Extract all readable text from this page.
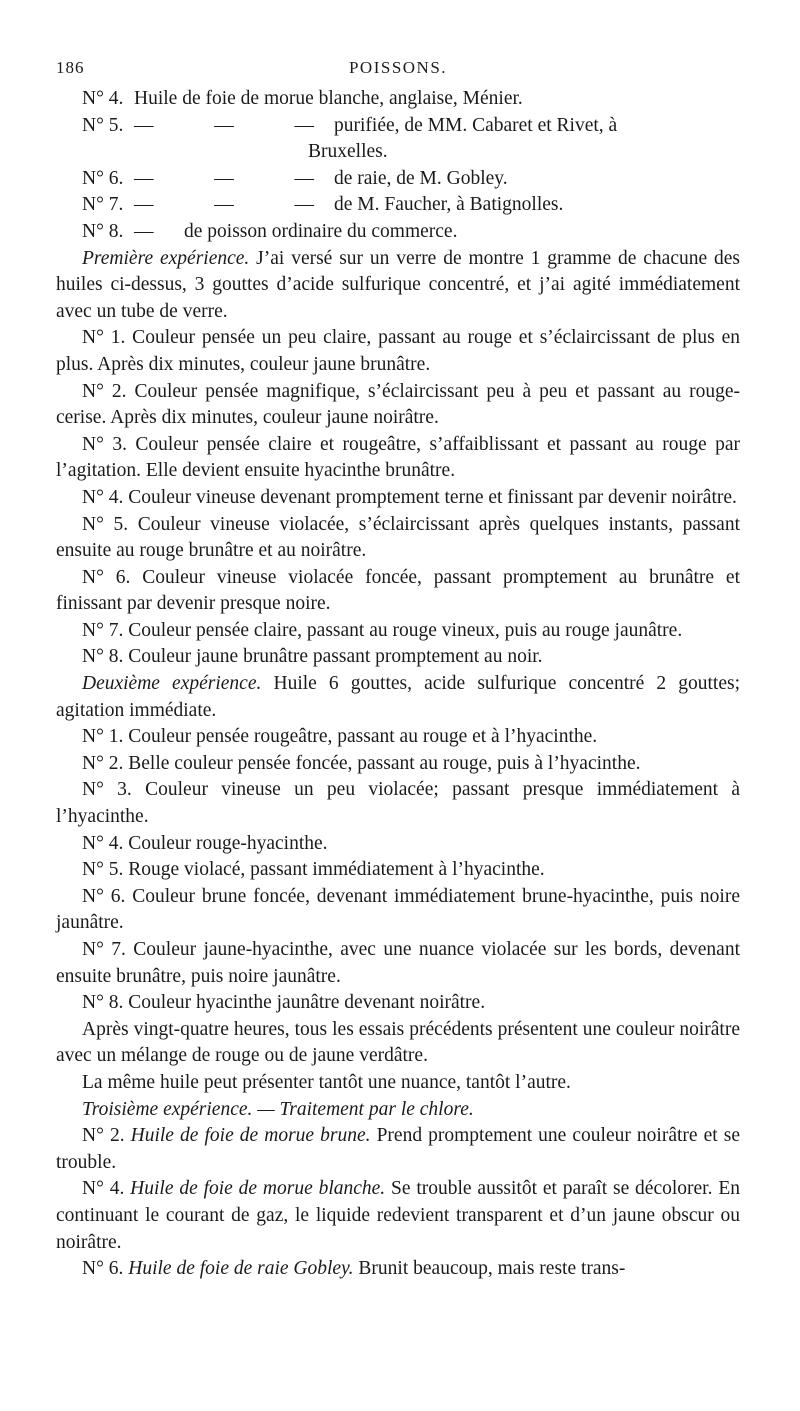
186	POISSONS.
N° 4. Huile de foie de morue blanche, anglaise, Ménier.
N° 5. —	—	— purifiée, de MM. Cabaret et Rivet, à
Bruxelles.
N° 6. —	—	— de raie, de M. Gobley.
N° 7. —	—	— de M. Faucher, à Batignolles.
N° 8. —	de poisson ordinaire du commerce.

Première expérience. J’ai versé sur un verre de montre 1 gramme de chacune des huiles ci-dessus, 3 gouttes d’acide sulfurique concentré, et j’ai agité immédiatement avec un tube de verre.

N° 1. Couleur pensée un peu claire, passant au rouge et s’éclaircissant de plus en plus. Après dix minutes, couleur jaune brunâtre.

N° 2. Couleur pensée magnifique, s’éclaircissant peu à peu et passant au rouge-cerise. Après dix minutes, couleur jaune noirâtre.

N° 3. Couleur pensée claire et rougeâtre, s’affaiblissant et passant au rouge par l’agitation. Elle devient ensuite hyacinthe brunâtre.

N° 4. Couleur vineuse devenant promptement terne et finissant par devenir noirâtre.

N° 5. Couleur vineuse violacée, s’éclaircissant après quelques instants, passant ensuite au rouge brunâtre et au noirâtre.

N° 6. Couleur vineuse violacée foncée, passant promptement au brunâtre et finissant par devenir presque noire.

N° 7. Couleur pensée claire, passant au rouge vineux, puis au rouge jaunâtre.

N° 8. Couleur jaune brunâtre passant promptement au noir.

Deuxième expérience. Huile 6 gouttes, acide sulfurique concentré 2 gouttes; agitation immédiate.

N° 1. Couleur pensée rougeâtre, passant au rouge et à l’hyacinthe.

N° 2. Belle couleur pensée foncée, passant au rouge, puis à l’hyacinthe.

N° 3. Couleur vineuse un peu violacée; passant presque immédiatement à l’hyacinthe.

N° 4. Couleur rouge-hyacinthe.

N° 5. Rouge violacé, passant immédiatement à l’hyacinthe.

N° 6. Couleur brune foncée, devenant immédiatement brune-hyacinthe, puis noire jaunâtre.

N° 7. Couleur jaune-hyacinthe, avec une nuance violacée sur les bords, devenant ensuite brunâtre, puis noire jaunâtre.

N° 8. Couleur hyacinthe jaunâtre devenant noirâtre.

Après vingt-quatre heures, tous les essais précédents présentent une couleur noirâtre avec un mélange de rouge ou de jaune verdâtre.

La même huile peut présenter tantôt une nuance, tantôt l’autre.

Troisième expérience. — Traitement par le chlore.

N° 2. Huile de foie de morue brune. Prend promptement une couleur noirâtre et se trouble.

N° 4. Huile de foie de morue blanche. Se trouble aussitôt et paraît se décolorer. En continuant le courant de gaz, le liquide redevient transparent et d’un jaune obscur ou noirâtre.

N° 6. Huile de foie de raie Gobley. Brunit beaucoup, mais reste trans-
